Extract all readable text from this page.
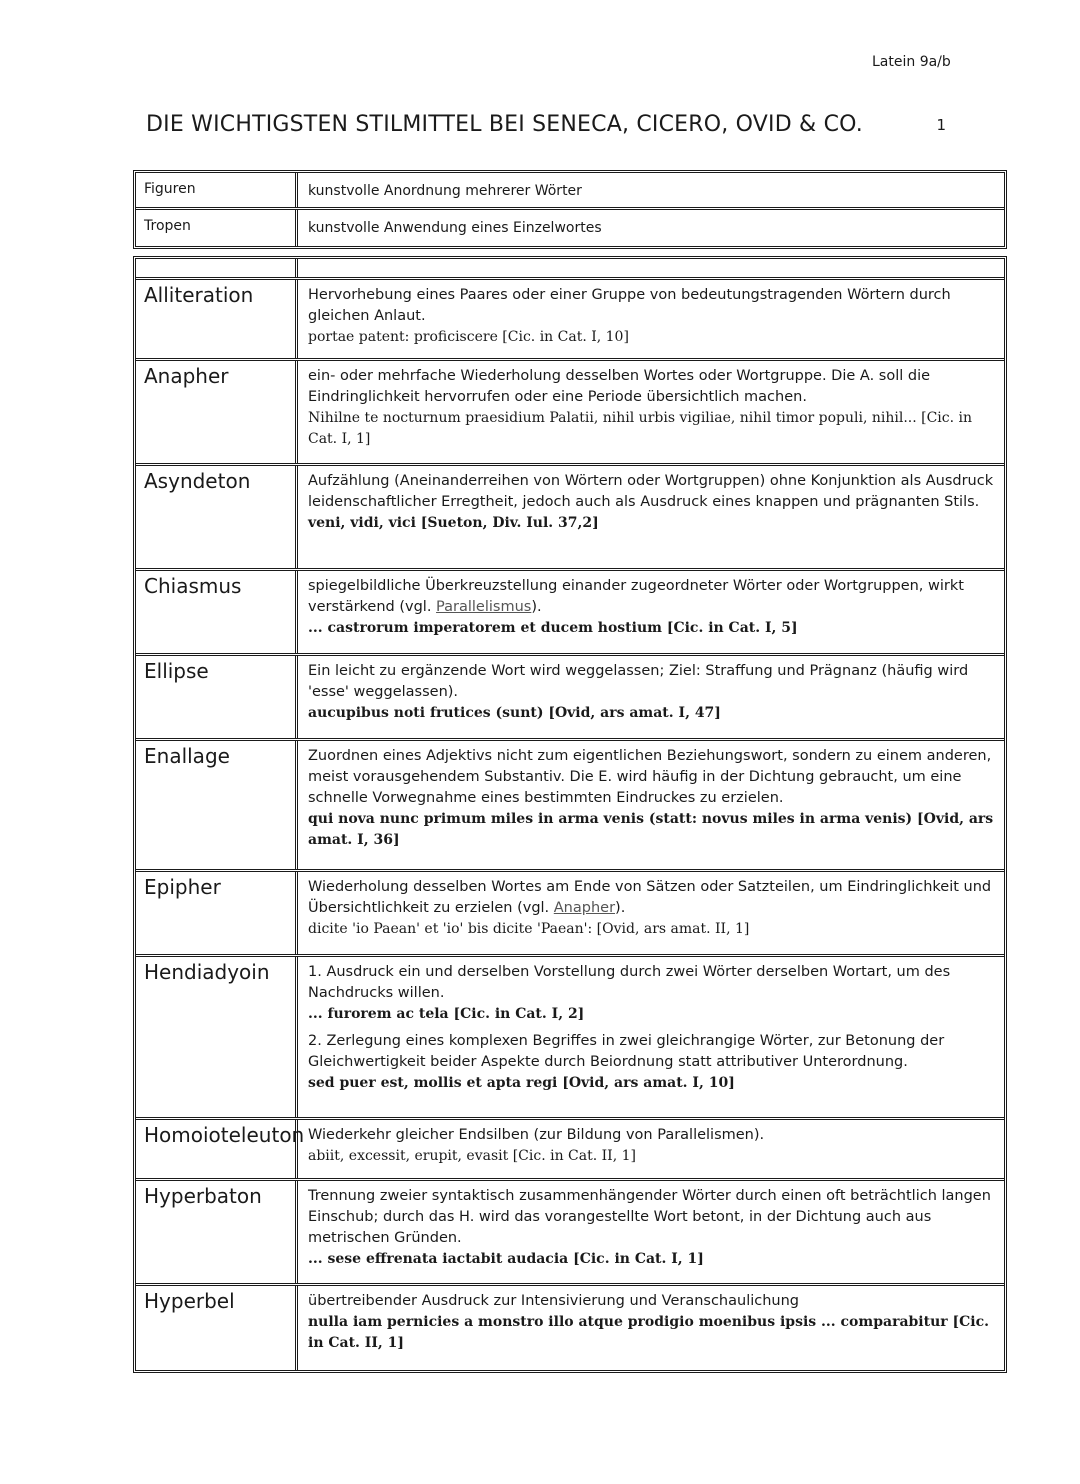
Latein 9a/b
DIE WICHTIGSTEN STILMITTEL BEI SENECA, CICERO, OVID & CO.	1
Figuren	kunstvolle Anordnung mehrerer Wörter
Tropen	kunstvolle Anwendung eines Einzelwortes
Alliteration	Hervorhebung eines Paares oder einer Gruppe von bedeutungstragenden Wörtern durch gleichen Anlaut.
portae patent: proficiscere [Cic. in Cat. I, 10]
Anapher	ein- oder mehrfache Wiederholung desselben Wortes oder Wortgruppe. Die A. soll die Eindringlichkeit hervorrufen oder eine Periode übersichtlich machen.
Nihilne te nocturnum praesidium Palatii, nihil urbis vigiliae, nihil timor populi, nihil... [Cic. in Cat. I, 1]
Asyndeton	Aufzählung (Aneinanderreihen von Wörtern oder Wortgruppen) ohne Konjunktion als Ausdruck leidenschaftlicher Erregtheit, jedoch auch als Ausdruck eines knappen und prägnanten Stils.
veni, vidi, vici [Sueton, Div. Iul. 37,2]
Chiasmus	spiegelbildliche Überkreuzstellung einander zugeordneter Wörter oder Wortgruppen, wirkt verstärkend (vgl. Parallelismus).
... castrorum imperatorem et ducem hostium [Cic. in Cat. I, 5]
Ellipse	Ein leicht zu ergänzende Wort wird weggelassen; Ziel: Straffung und Prägnanz (häufig wird 'esse' weggelassen).
aucupibus noti frutices (sunt) [Ovid, ars amat. I, 47]
Enallage	Zuordnen eines Adjektivs nicht zum eigentlichen Beziehungswort, sondern zu einem anderen, meist vorausgehendem Substantiv. Die E. wird häufig in der Dichtung gebraucht, um eine schnelle Vorwegnahme eines bestimmten Eindruckes zu erzielen.
qui nova nunc primum miles in arma venis (statt: novus miles in arma venis) [Ovid, ars amat. I, 36]
Epipher	Wiederholung desselben Wortes am Ende von Sätzen oder Satzteilen, um Eindringlichkeit und Übersichtlichkeit zu erzielen (vgl. Anapher).
dicite 'io Paean' et 'io' bis dicite 'Paean': [Ovid, ars amat. II, 1]
Hendiadyoin	1. Ausdruck ein und derselben Vorstellung durch zwei Wörter derselben Wortart, um des Nachdrucks willen.
... furorem ac tela [Cic. in Cat. I, 2]
2. Zerlegung eines komplexen Begriffes in zwei gleichrangige Wörter, zur Betonung der Gleichwertigkeit beider Aspekte durch Beiordnung statt attributiver Unterordnung.
sed puer est, mollis et apta regi [Ovid, ars amat. I, 10]
Homoioteleuton Wiederkehr gleicher Endsilben (zur Bildung von Parallelismen).
abiit, excessit, erupit, evasit [Cic. in Cat. II, 1]
Hyperbaton	Trennung zweier syntaktisch zusammenhängender Wörter durch einen oft beträchtlich langen Einschub; durch das H. wird das vorangestellte Wort betont, in der Dichtung auch aus metrischen Gründen.
... sese effrenata iactabit audacia [Cic. in Cat. I, 1]
Hyperbel	übertreibender Ausdruck zur Intensivierung und Veranschaulichung
nulla iam pernicies a monstro illo atque prodigio moenibus ipsis ... comparabitur [Cic. in Cat. II, 1]
